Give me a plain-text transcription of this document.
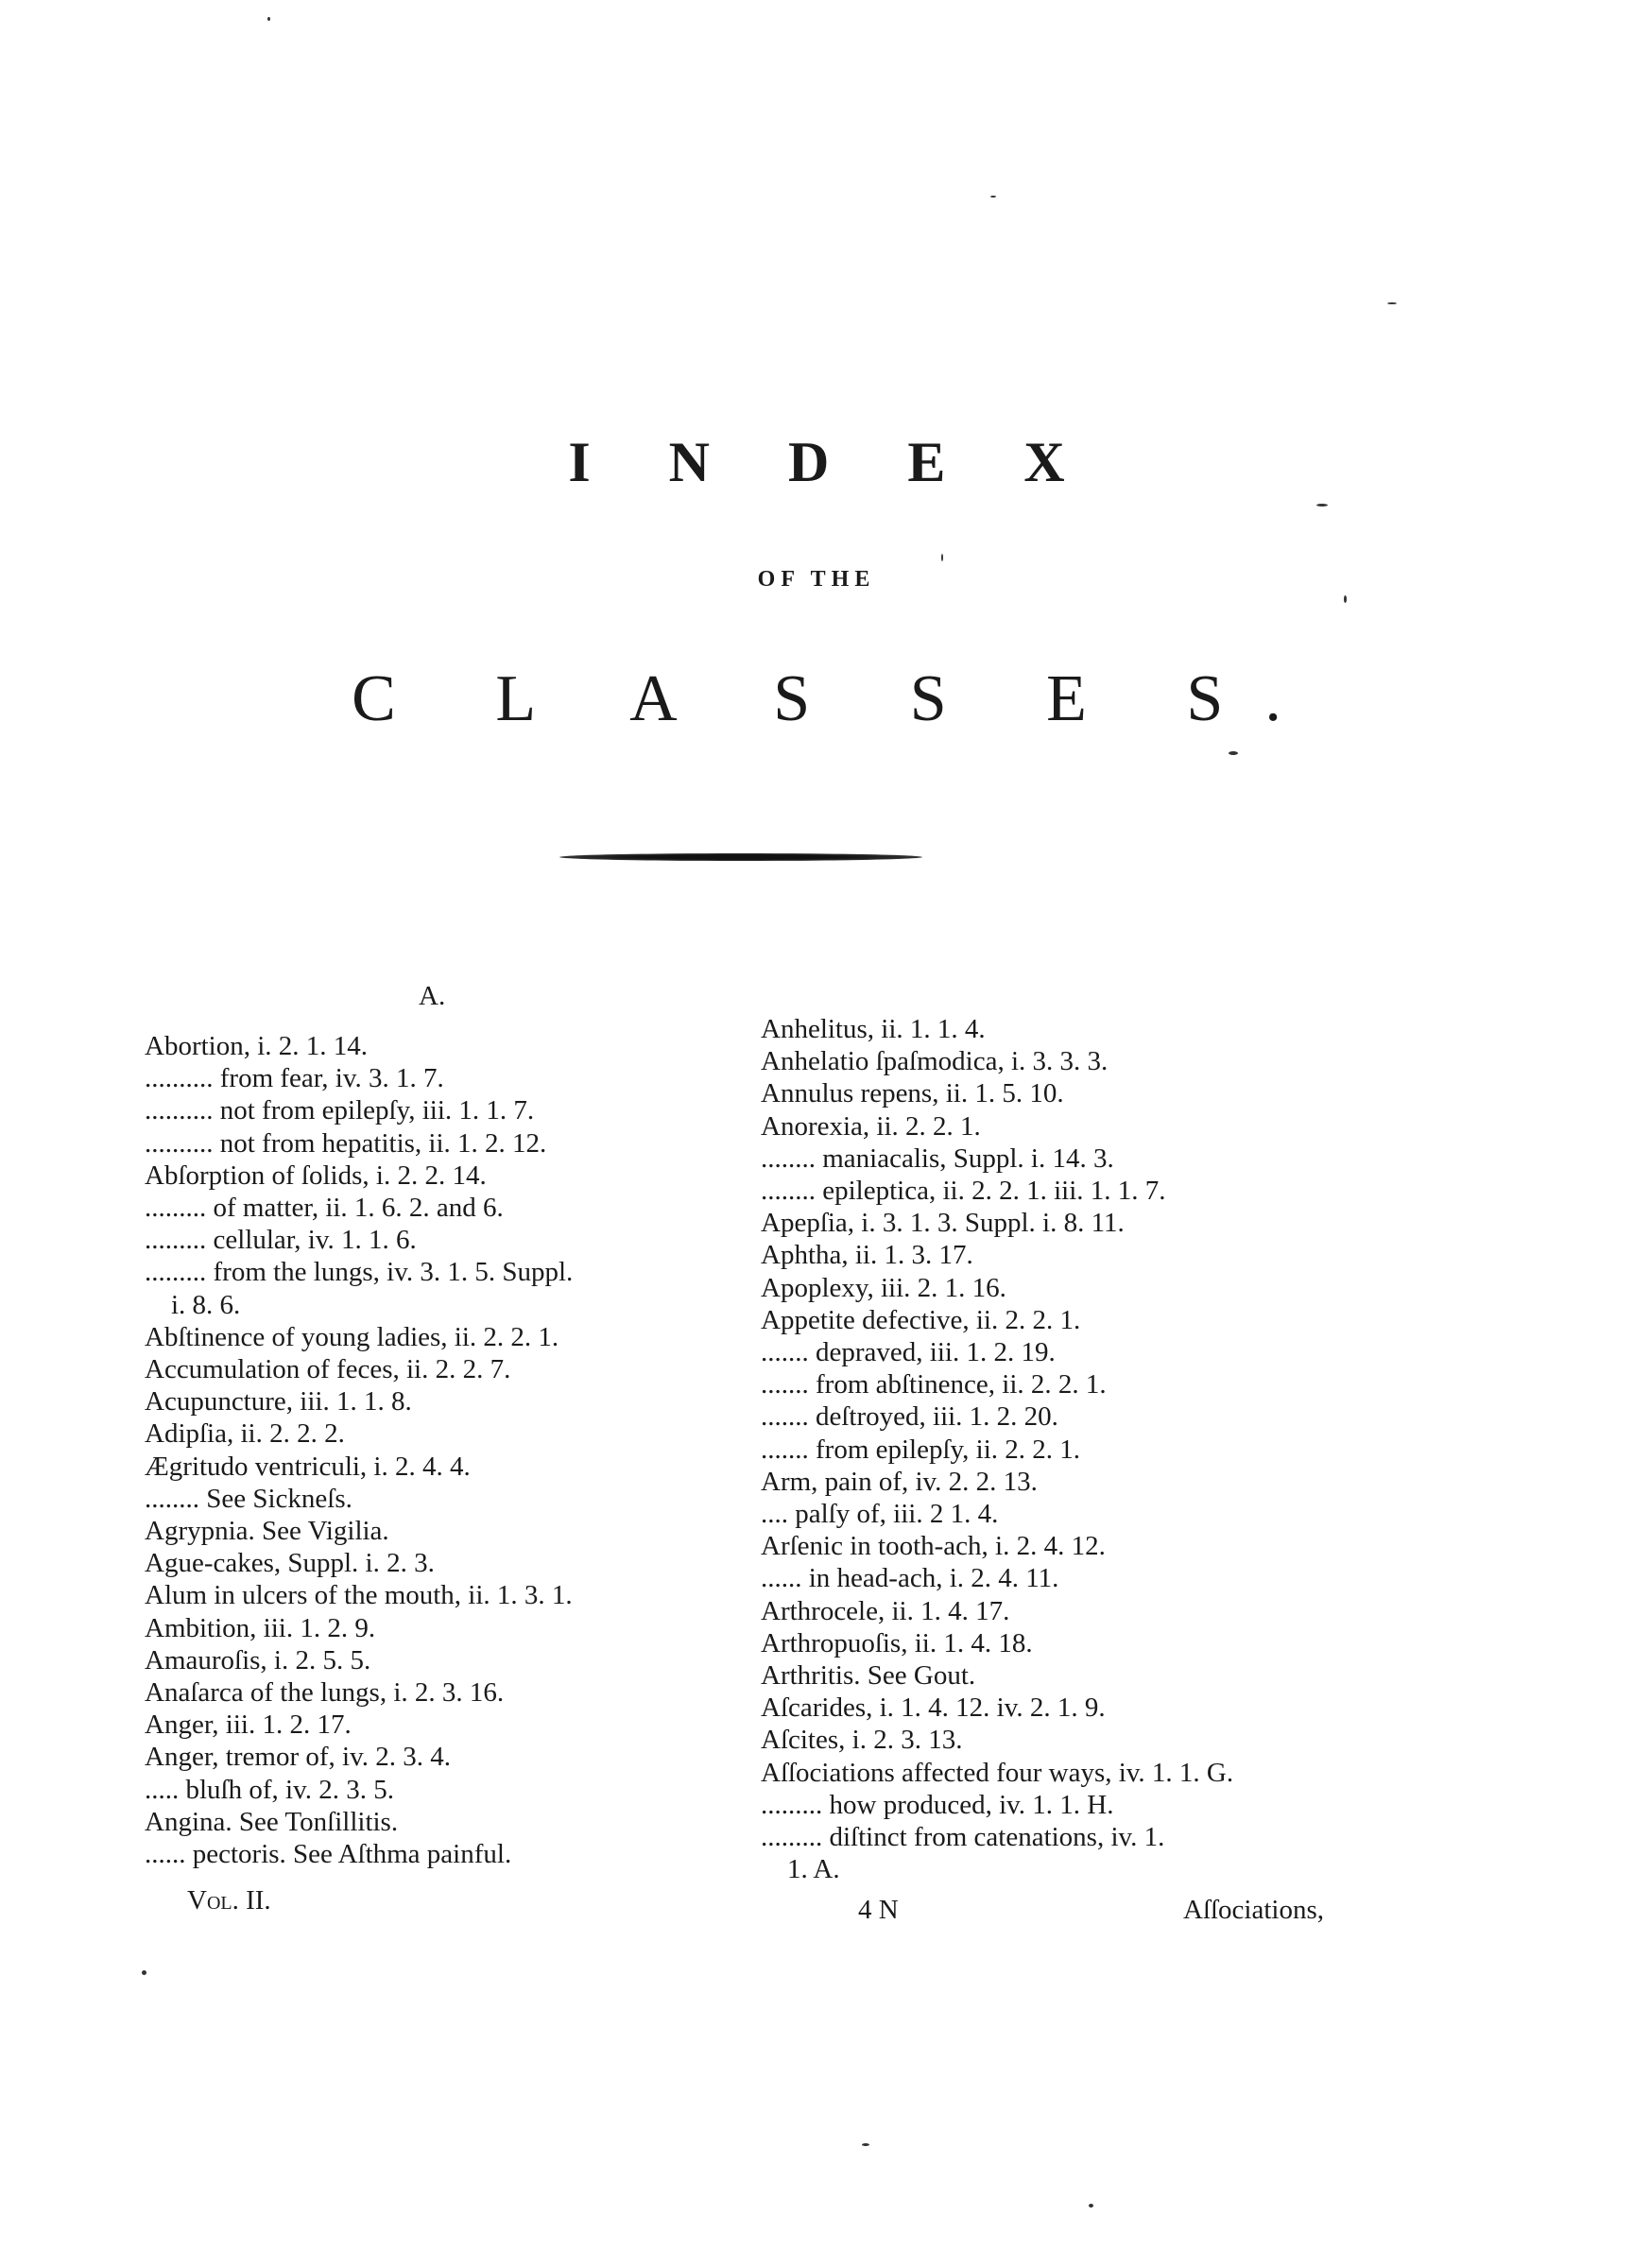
I N D E X
OF THE
C L A S S E S.
A.
Abortion, i. 2. 1. 14.
.......... from fear, iv. 3. 1. 7.
.......... not from epilepſy, iii. 1. 1. 7.
.......... not from hepatitis, ii. 1. 2. 12.
Abſorption of ſolids, i. 2. 2. 14.
......... of matter, ii. 1. 6. 2. and 6.
......... cellular, iv. 1. 1. 6.
......... from the lungs, iv. 3. 1. 5. Suppl.
i. 8. 6.
Abſtinence of young ladies, ii. 2. 2. 1.
Accumulation of feces, ii. 2. 2. 7.
Acupuncture, iii. 1. 1. 8.
Adipſia, ii. 2. 2. 2.
Ægritudo ventriculi, i. 2. 4. 4.
........ See Sickneſs.
Agrypnia. See Vigilia.
Ague-cakes, Suppl. i. 2. 3.
Alum in ulcers of the mouth, ii. 1. 3. 1.
Ambition, iii. 1. 2. 9.
Amauroſis, i. 2. 5. 5.
Anaſarca of the lungs, i. 2. 3. 16.
Anger, iii. 1. 2. 17.
Anger, tremor of, iv. 2. 3. 4.
..... bluſh of, iv. 2. 3. 5.
Angina. See Tonſillitis.
...... pectoris. See Aſthma painful.
Anhelitus, ii. 1. 1. 4.
Anhelatio ſpaſmodica, i. 3. 3. 3.
Annulus repens, ii. 1. 5. 10.
Anorexia, ii. 2. 2. 1.
........ maniacalis, Suppl. i. 14. 3.
........ epileptica, ii. 2. 2. 1. iii. 1. 1. 7.
Apepſia, i. 3. 1. 3. Suppl. i. 8. 11.
Aphtha, ii. 1. 3. 17.
Apoplexy, iii. 2. 1. 16.
Appetite defective, ii. 2. 2. 1.
....... depraved, iii. 1. 2. 19.
....... from abſtinence, ii. 2. 2. 1.
....... deſtroyed, iii. 1. 2. 20.
....... from epilepſy, ii. 2. 2. 1.
Arm, pain of, iv. 2. 2. 13.
.... palſy of, iii. 2 1. 4.
Arſenic in tooth-ach, i. 2. 4. 12.
...... in head-ach, i. 2. 4. 11.
Arthrocele, ii. 1. 4. 17.
Arthropuoſis, ii. 1. 4. 18.
Arthritis. See Gout.
Aſcarides, i. 1. 4. 12. iv. 2. 1. 9.
Aſcites, i. 2. 3. 13.
Aſſociations affected four ways, iv. 1. 1. G.
......... how produced, iv. 1. 1. H.
......... diſtinct from catenations, iv. 1.
1. A.
Vol. II.	4 N	Aſſociations,
